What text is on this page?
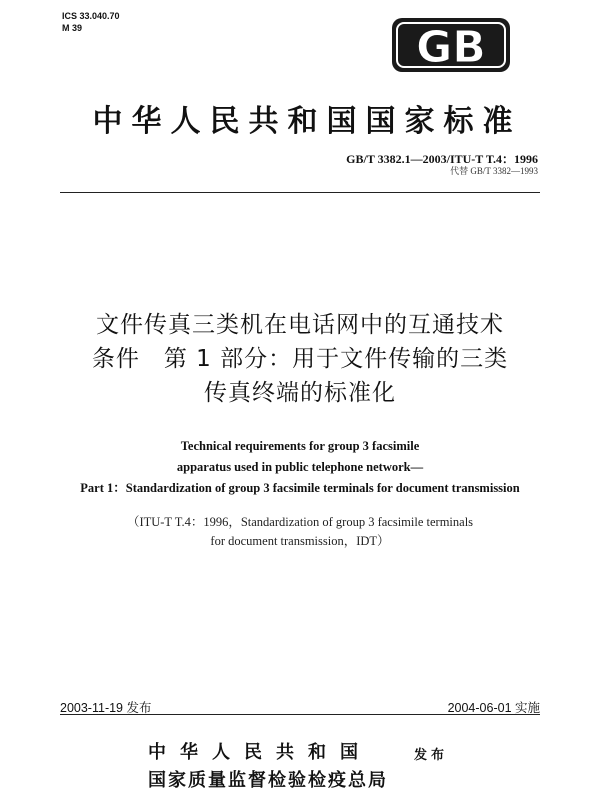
ICS 33.040.70
M 39	GB
中华人民共和国国家标准
GB/T 3382.1—2003/ITU-T T.4：1996
代替 GB/T 3382—1993
文件传真三类机在电话网中的互通技术
条件　第 1 部分：用于文件传输的三类
传真终端的标准化
Technical requirements for group 3 facsimile
apparatus used in public telephone network—
Part 1：Standardization of group 3 facsimile terminals for document transmission
（ITU-T T.4：1996，Standardization of group 3 facsimile terminals
for document transmission，IDT）
2003-11-19 发布	2004-06-01 实施
中华人民共和国
国家质量监督检验检疫总局
发布
